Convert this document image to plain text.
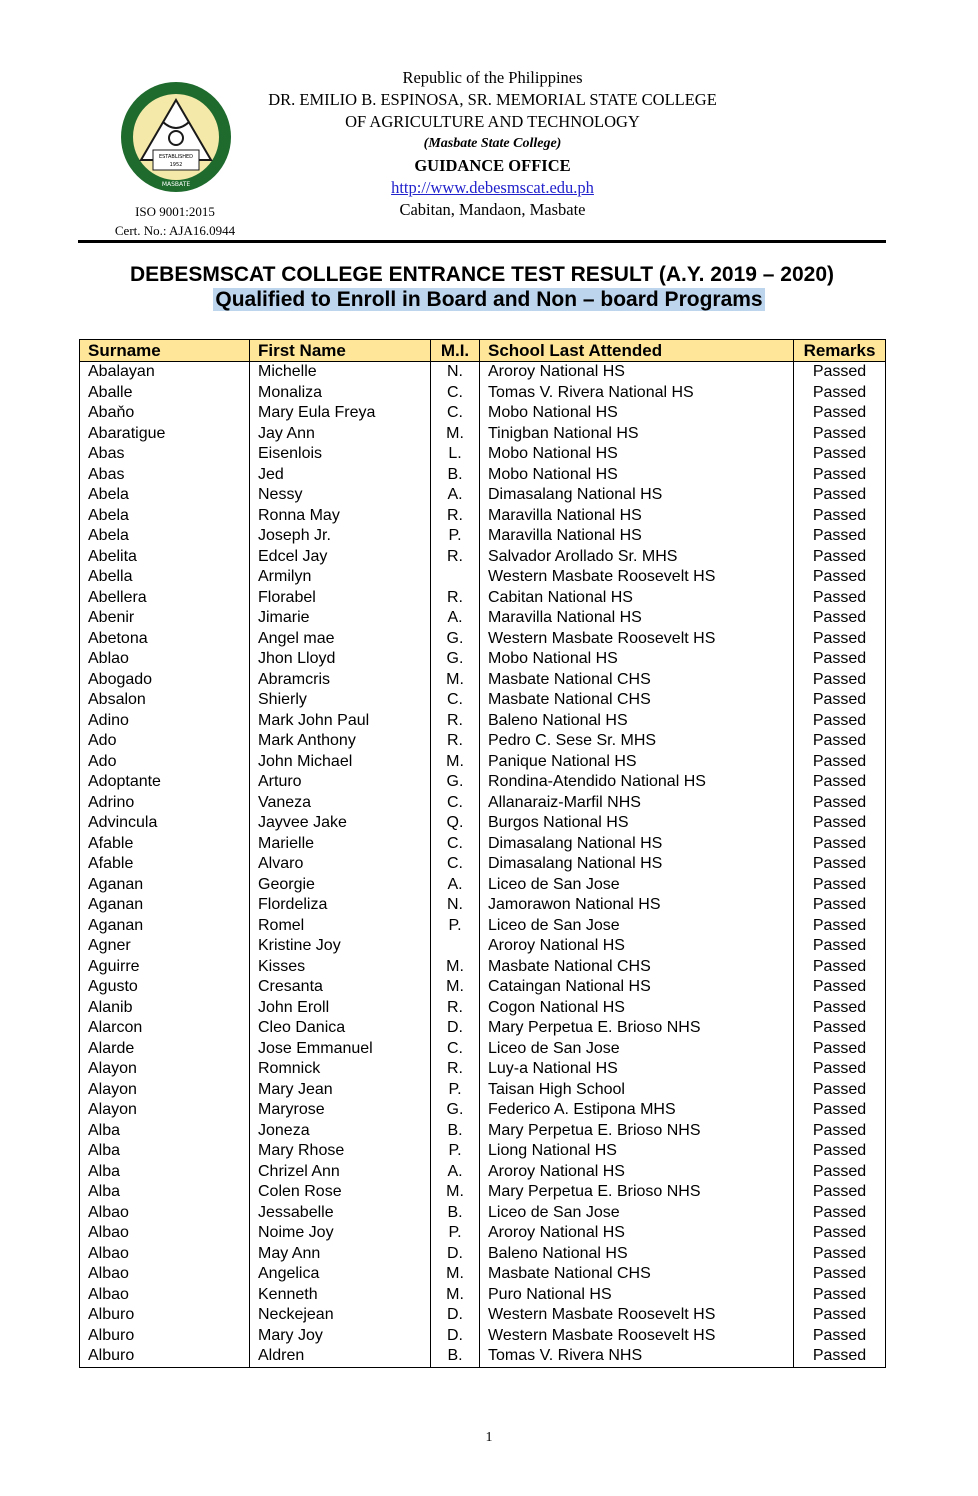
ESTABLISHED
1952
MASBATE
ISO 9001:2015
Cert. No.: AJA16.0944
Republic of the Philippines
DR. EMILIO B. ESPINOSA, SR. MEMORIAL STATE COLLEGE
OF AGRICULTURE AND TECHNOLOGY
(Masbate State College)
GUIDANCE OFFICE
http://www.debesmscat.edu.ph
Cabitan, Mandaon, Masbate
DEBESMSCAT COLLEGE ENTRANCE TEST RESULT (A.Y. 2019 – 2020)
Qualified to Enroll in Board and Non – board Programs
Surname	First Name	M.I.	School Last Attended	Remarks
Abalayan	Michelle	N.	Aroroy National HS	Passed
Aballe	Monaliza	C.	Tomas V. Rivera National HS	Passed
Abaňo	Mary Eula Freya	C.	Mobo National HS	Passed
Abaratigue	Jay Ann	M.	Tinigban National HS	Passed
Abas	Eisenlois	L.	Mobo National HS	Passed
Abas	Jed	B.	Mobo National HS	Passed
Abela	Nessy	A.	Dimasalang National HS	Passed
Abela	Ronna May	R.	Maravilla National HS	Passed
Abela	Joseph Jr.	P.	Maravilla National HS	Passed
Abelita	Edcel Jay	R.	Salvador Arollado Sr. MHS	Passed
Abella	Armilyn		Western Masbate Roosevelt HS	Passed
Abellera	Florabel	R.	Cabitan National HS	Passed
Abenir	Jimarie	A.	Maravilla National HS	Passed
Abetona	Angel mae	G.	Western Masbate Roosevelt HS	Passed
Ablao	Jhon Lloyd	G.	Mobo National HS	Passed
Abogado	Abramcris	M.	Masbate National CHS	Passed
Absalon	Shierly	C.	Masbate National CHS	Passed
Adino	Mark John Paul	R.	Baleno National HS	Passed
Ado	Mark Anthony	R.	Pedro C. Sese Sr. MHS	Passed
Ado	John Michael	M.	Panique National HS	Passed
Adoptante	Arturo	G.	Rondina-Atendido National HS	Passed
Adrino	Vaneza	C.	Allanaraiz-Marfil NHS	Passed
Advincula	Jayvee Jake	Q.	Burgos National HS	Passed
Afable	Marielle	C.	Dimasalang National HS	Passed
Afable	Alvaro	C.	Dimasalang National HS	Passed
Aganan	Georgie	A.	Liceo de San Jose	Passed
Aganan	Flordeliza	N.	Jamorawon National HS	Passed
Aganan	Romel	P.	Liceo de San Jose	Passed
Agner	Kristine Joy		Aroroy National HS	Passed
Aguirre	Kisses	M.	Masbate National CHS	Passed
Agusto	Cresanta	M.	Cataingan National HS	Passed
Alanib	John Eroll	R.	Cogon National HS	Passed
Alarcon	Cleo Danica	D.	Mary Perpetua E. Brioso NHS	Passed
Alarde	Jose Emmanuel	C.	Liceo de San Jose	Passed
Alayon	Romnick	R.	Luy-a National HS	Passed
Alayon	Mary Jean	P.	Taisan High School	Passed
Alayon	Maryrose	G.	Federico A. Estipona MHS	Passed
Alba	Joneza	B.	Mary Perpetua E. Brioso NHS	Passed
Alba	Mary Rhose	P.	Liong National HS	Passed
Alba	Chrizel Ann	A.	Aroroy National HS	Passed
Alba	Colen Rose	M.	Mary Perpetua E. Brioso NHS	Passed
Albao	Jessabelle	B.	Liceo de San Jose	Passed
Albao	Noime Joy	P.	Aroroy National HS	Passed
Albao	May Ann	D.	Baleno National HS	Passed
Albao	Angelica	M.	Masbate National CHS	Passed
Albao	Kenneth	M.	Puro National HS	Passed
Alburo	Neckejean	D.	Western Masbate Roosevelt HS	Passed
Alburo	Mary Joy	D.	Western Masbate Roosevelt HS	Passed
Alburo	Aldren	B.	Tomas V. Rivera NHS	Passed
1
